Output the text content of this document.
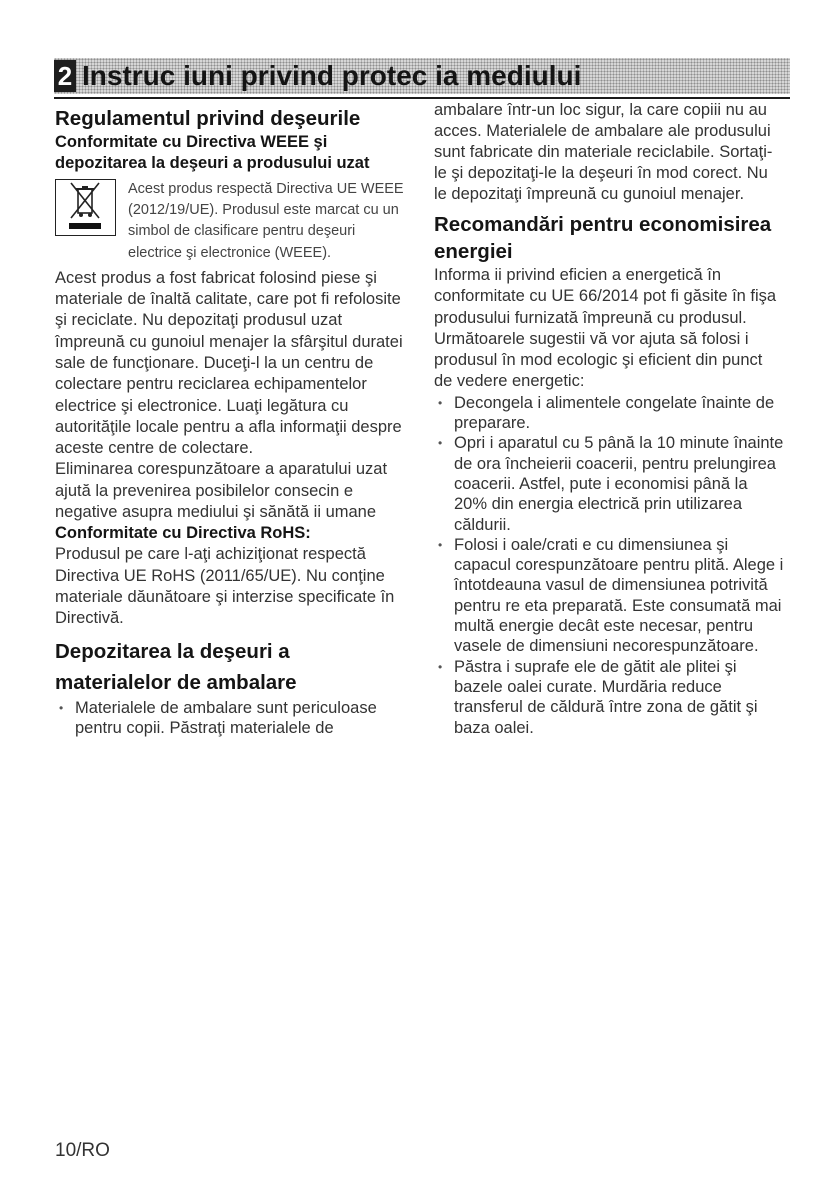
2 Instruc iuni privind protec ia mediului
Regulamentul privind deşeurile
Conformitate cu Directiva WEEE şi depozitarea la deşeuri a produsului uzat
Acest produs respectă Directiva UE WEEE (2012/19/UE). Produsul este marcat cu un simbol de clasificare pentru deşeuri electrice şi electronice (WEEE).

Acest produs a fost fabricat folosind piese şi materiale de înaltă calitate, care pot fi refolosite şi reciclate. Nu depozitaţi produsul uzat împreună cu gunoiul menajer la sfârşitul duratei sale de funcţionare. Duceţi-l la un centru de colectare pentru reciclarea echipamentelor electrice şi electronice. Luaţi legătura cu autorităţile locale pentru a afla informaţii despre aceste centre de colectare.

Eliminarea corespunzătoare a aparatului uzat ajută la prevenirea posibilelor consecin e negative asupra mediului şi sănătă ii umane

Conformitate cu Directiva RoHS:

Produsul pe care l-aţi achiziţionat respectă Directiva UE RoHS (2011/65/UE). Nu conţine materiale dăunătoare şi interzise specificate în Directivă.

Depozitarea la deşeuri a materialelor de ambalare
• Materialele de ambalare sunt periculoase pentru copii. Păstraţi materialele de

ambalare într-un loc sigur, la care copiii nu au acces. Materialele de ambalare ale produsului sunt fabricate din materiale reciclabile. Sortaţi-le şi depozitaţi-le la deşeuri în mod corect. Nu le depozitaţi împreună cu gunoiul menajer.

Recomandări pentru economisirea energiei

Informa ii privind eficien a energetică în conformitate cu UE 66/2014 pot fi găsite în fişa produsului furnizată împreună cu produsul. Următoarele sugestii vă vor ajuta să folosi i produsul în mod ecologic şi eficient din punct de vedere energetic:

• Decongela i alimentele congelate înainte de preparare.
• Opri i aparatul cu 5 până la 10 minute înainte de ora încheierii coacerii, pentru prelungirea coacerii. Astfel, pute i economisi până la 20% din energia electrică prin utilizarea căldurii.
• Folosi i oale/crati e cu dimensiunea şi capacul corespunzătoare pentru plită. Alege i întotdeauna vasul de dimensiunea potrivită pentru re eta preparată. Este consumată mai multă energie decât este necesar, pentru vasele de dimensiuni necorespunzătoare.
• Păstra i suprafe ele de gătit ale plitei şi bazele oalei curate. Murdăria reduce transferul de căldură între zona de gătit şi baza oalei.
10/RO
